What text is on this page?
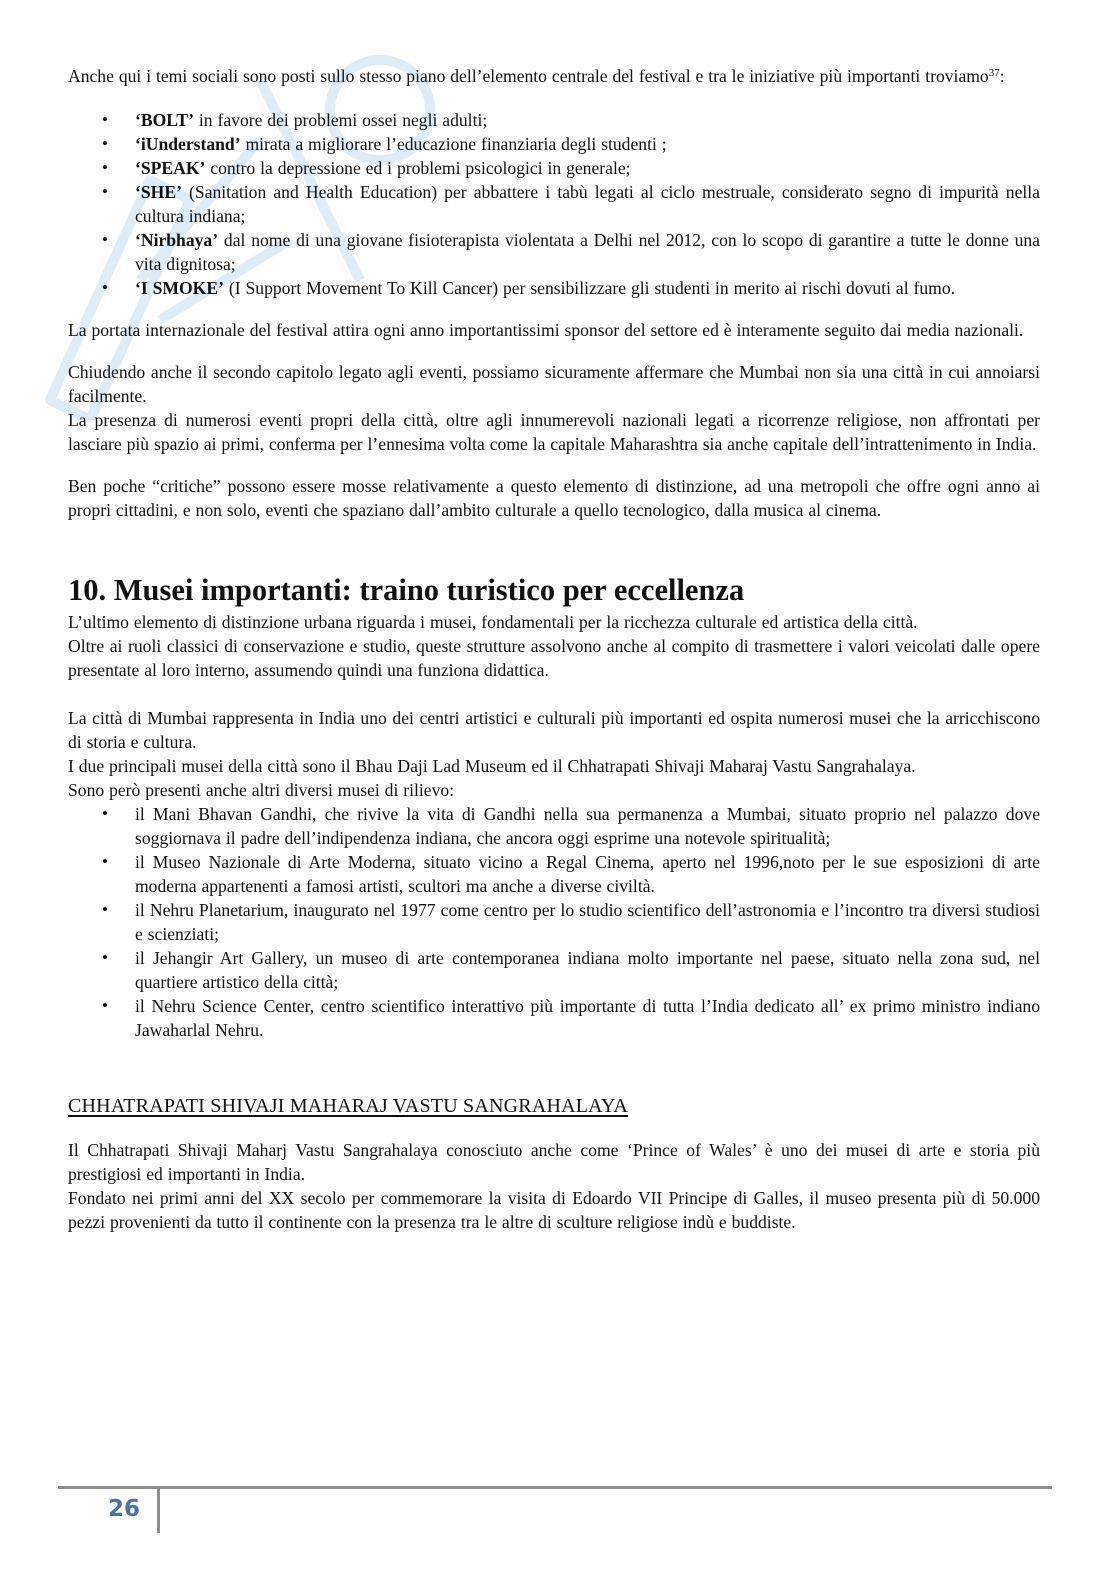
Anche qui i temi sociali sono posti sullo stesso piano dell’elemento centrale del festival e tra le iniziative più importanti troviamo$^{37}$:

• ‘BOLT’ in favore dei problemi ossei negli adulti;
• ‘iUnderstand’ mirata a migliorare l’educazione finanziaria degli studenti ;
• ‘SPEAK’ contro la depressione ed i problemi psicologici in generale;
• ‘SHE’ (Sanitation and Health Education) per abbattere i tabù legati al ciclo mestruale, considerato segno di impurità nella cultura indiana;
• ‘Nirbhaya’ dal nome di una giovane fisioterapista violentata a Delhi nel 2012, con lo scopo di garantire a tutte le donne una vita dignitosa;
• ‘I SMOKE’ (I Support Movement To Kill Cancer) per sensibilizzare gli studenti in merito ai rischi dovuti al fumo.

La portata internazionale del festival attira ogni anno importantissimi sponsor del settore ed è interamente seguito dai media nazionali.

Chiudendo anche il secondo capitolo legato agli eventi, possiamo sicuramente affermare che Mumbai non sia una città in cui annoiarsi facilmente.

La presenza di numerosi eventi propri della città, oltre agli innumerevoli nazionali legati a ricorrenze religiose, non affrontati per lasciare più spazio ai primi, conferma per l’ennesima volta come la capitale Maharashtra sia anche capitale dell’intrattenimento in India.

Ben poche “critiche” possono essere mosse relativamente a questo elemento di distinzione, ad una metropoli che offre ogni anno ai propri cittadini, e non solo, eventi che spaziano dall’ambito culturale a quello tecnologico, dalla musica al cinema.

10. Musei importanti: traino turistico per eccellenza

L’ultimo elemento di distinzione urbana riguarda i musei, fondamentali per la ricchezza culturale ed artistica della città.

Oltre ai ruoli classici di conservazione e studio, queste strutture assolvono anche al compito di trasmettere i valori veicolati dalle opere presentate al loro interno, assumendo quindi una funziona didattica.

La città di Mumbai rappresenta in India uno dei centri artistici e culturali più importanti ed ospita numerosi musei che la arricchiscono di storia e cultura.

I due principali musei della città sono il Bhau Daji Lad Museum ed il Chhatrapati Shivaji Maharaj Vastu Sangrahalaya.

Sono però presenti anche altri diversi musei di rilievo:

• il Mani Bhavan Gandhi, che rivive la vita di Gandhi nella sua permanenza a Mumbai, situato proprio nel palazzo dove soggiornava il padre dell’indipendenza indiana, che ancora oggi esprime una notevole spiritualità;
• il Museo Nazionale di Arte Moderna, situato vicino a Regal Cinema, aperto nel 1996,noto per le sue esposizioni di arte moderna appartenenti a famosi artisti, scultori ma anche a diverse civiltà.
• il Nehru Planetarium, inaugurato nel 1977 come centro per lo studio scientifico dell’astronomia e l’incontro tra diversi studiosi e scienziati;
• il Jehangir Art Gallery, un museo di arte contemporanea indiana molto importante nel paese, situato nella zona sud, nel quartiere artistico della città;
• il Nehru Science Center, centro scientifico interattivo più importante di tutta l’India dedicato all’ ex primo ministro indiano Jawaharlal Nehru.
CHHATRAPATI SHIVAJI MAHARAJ VASTU SANGRAHALAYA

Il Chhatrapati Shivaji Maharj Vastu Sangrahalaya conosciuto anche come ‘Prince of Wales’ è uno dei musei di arte e storia più prestigiosi ed importanti in India.

Fondato nei primi anni del XX secolo per commemorare la visita di Edoardo VII Principe di Galles, il museo presenta più di 50.000 pezzi provenienti da tutto il continente con la presenza tra le altre di sculture religiose indù e buddiste.

26
